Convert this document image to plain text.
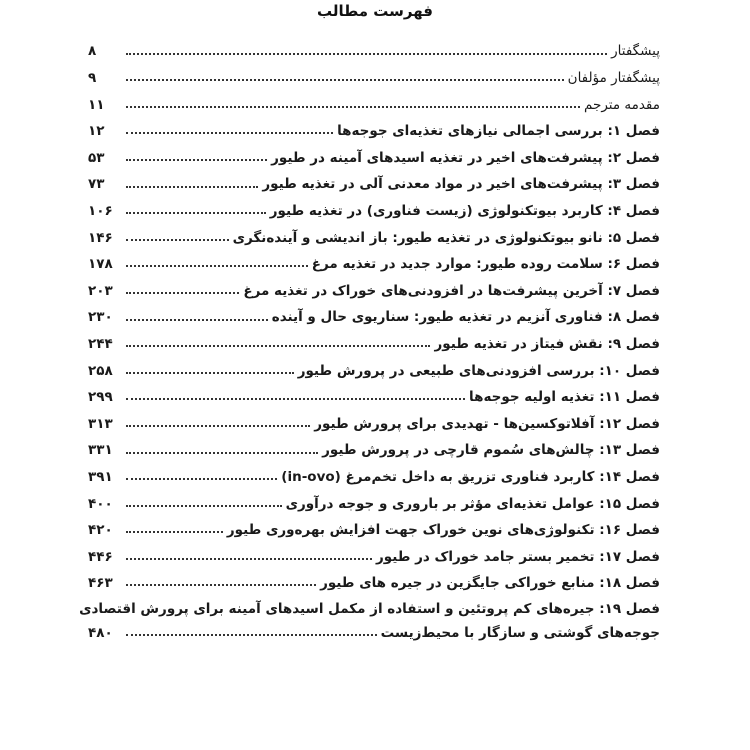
فهرست مطالب
پیشگفتار
۸
پیشگفتار مؤلفان
۹
مقدمه مترجم
۱۱
فصل ۱: بررسی اجمالی نیازهای تغذیه‌ای جوجه‌ها
۱۲
فصل ۲: پیشرفت‌های اخیر در تغذیه اسیدهای آمینه در طیور
۵۳
فصل ۳: پیشرفت‌های اخیر در مواد معدنی آلی در تغذیه طیور
۷۳
فصل ۴: کاربرد بیوتکنولوژی (زیست فناوری) در تغذیه طیور
۱۰۶
فصل ۵: نانو بیوتکنولوژی در تغذیه طیور: باز اندیشی و آینده‌نگری
۱۴۶
فصل ۶: سلامت روده طیور: موارد جدید در تغذیه مرغ
۱۷۸
فصل ۷: آخرین پیشرفت‌ها در افزودنی‌های خوراک در تغذیه مرغ
۲۰۳
فصل ۸: فناوری آنزیم در تغذیه طیور: سناریوی حال و آینده
۲۳۰
فصل ۹: نقش فیتاز در تغذیه طیور
۲۴۴
فصل ۱۰: بررسی افزودنی‌های طبیعی در پرورش طیور
۲۵۸
فصل ۱۱: تغذیه اولیه جوجه‌ها
۲۹۹
فصل ۱۲: آفلاتوکسین‌ها - تهدیدی برای پرورش طیور
۳۱۳
فصل ۱۳: چالش‌های سُموم قارچی در پرورش طیور
۳۳۱
فصل ۱۴: کاربرد فناوری تزریق به داخل تخم‌مرغ (in-ovo)
۳۹۱
فصل ۱۵: عوامل تغذیه‌ای مؤثر بر باروری و جوجه درآوری
۴۰۰
فصل ۱۶: تکنولوژی‌های نوین خوراک جهت افزایش بهره‌وری طیور
۴۲۰
فصل ۱۷: تخمیر بستر جامد خوراک در طیور
۴۴۶
فصل ۱۸: منابع خوراکی جایگزین در جیره های طیور
۴۶۳
فصل ۱۹: جیره‌های کم پروتئین و استفاده از مکمل اسیدهای آمینه برای پرورش اقتصادی
جوجه‌های گوشتی و سازگار با محیط‌زیست
۴۸۰
